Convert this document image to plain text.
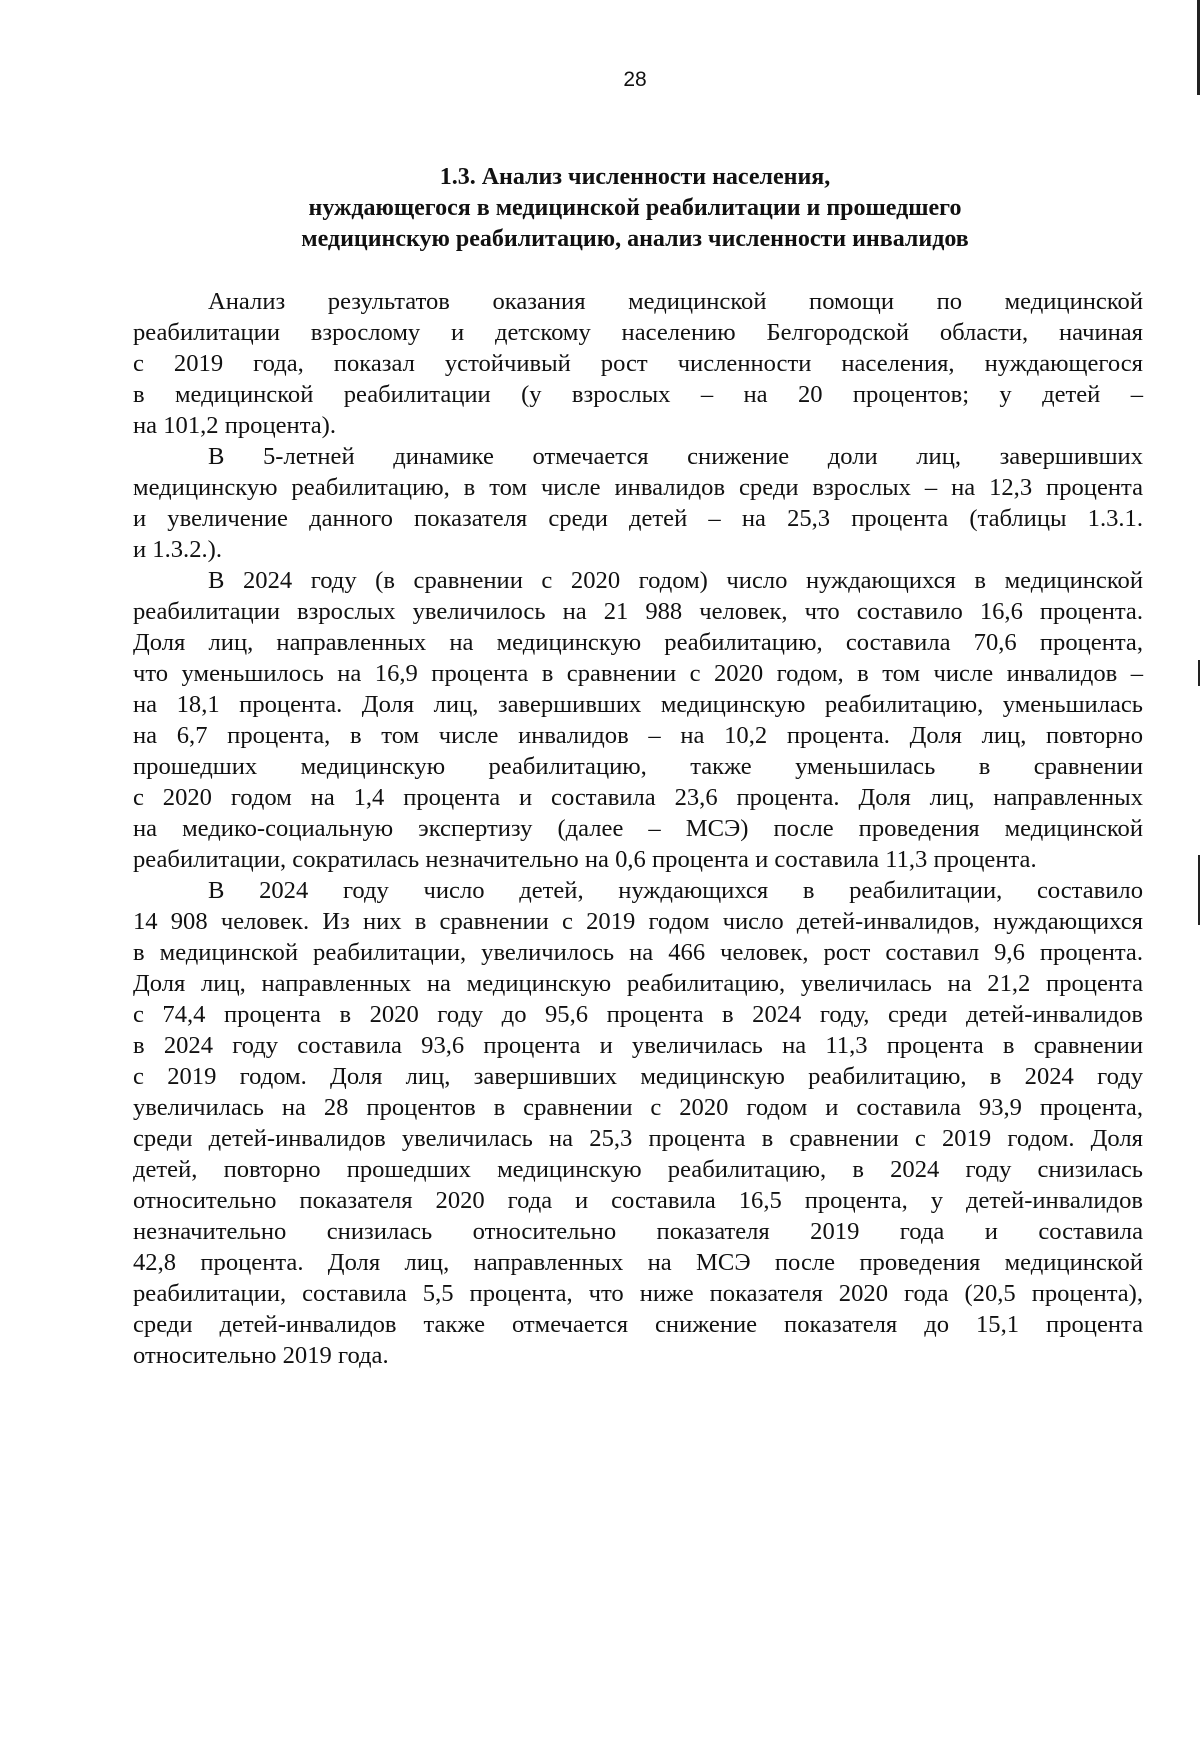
28
1.3. Анализ численности населения,
нуждающегося в медицинской реабилитации и прошедшего
медицинскую реабилитацию, анализ численности инвалидов
Анализ результатов оказания медицинской помощи по медицинской
реабилитации взрослому и детскому населению Белгородской области, начиная
с 2019 года, показал устойчивый рост численности населения, нуждающегося
в медицинской реабилитации (у взрослых – на 20 процентов; у детей –
на 101,2 процента).
В 5-летней динамике отмечается снижение доли лиц, завершивших
медицинскую реабилитацию, в том числе инвалидов среди взрослых – на 12,3 процента
и увеличение данного показателя среди детей – на 25,3 процента (таблицы 1.3.1.
и 1.3.2.).
В 2024 году (в сравнении с 2020 годом) число нуждающихся в медицинской
реабилитации взрослых увеличилось на 21 988 человек, что составило 16,6 процента.
Доля лиц, направленных на медицинскую реабилитацию, составила 70,6 процента,
что уменьшилось на 16,9 процента в сравнении с 2020 годом, в том числе инвалидов –
на 18,1 процента. Доля лиц, завершивших медицинскую реабилитацию, уменьшилась
на 6,7 процента, в том числе инвалидов – на 10,2 процента. Доля лиц, повторно
прошедших медицинскую реабилитацию, также уменьшилась в сравнении
с 2020 годом на 1,4 процента и составила 23,6 процента. Доля лиц, направленных
на медико-социальную экспертизу (далее – МСЭ) после проведения медицинской
реабилитации, сократилась незначительно на 0,6 процента и составила 11,3 процента.
В 2024 году число детей, нуждающихся в реабилитации, составило
14 908 человек. Из них в сравнении с 2019 годом число детей-инвалидов, нуждающихся
в медицинской реабилитации, увеличилось на 466 человек, рост составил 9,6 процента.
Доля лиц, направленных на медицинскую реабилитацию, увеличилась на 21,2 процента
с 74,4 процента в 2020 году до 95,6 процента в 2024 году, среди детей-инвалидов
в 2024 году составила 93,6 процента и увеличилась на 11,3 процента в сравнении
с 2019 годом. Доля лиц, завершивших медицинскую реабилитацию, в 2024 году
увеличилась на 28 процентов в сравнении с 2020 годом и составила 93,9 процента,
среди детей-инвалидов увеличилась на 25,3 процента в сравнении с 2019 годом. Доля
детей, повторно прошедших медицинскую реабилитацию, в 2024 году снизилась
относительно показателя 2020 года и составила 16,5 процента, у детей-инвалидов
незначительно снизилась относительно показателя 2019 года и составила
42,8 процента. Доля лиц, направленных на МСЭ после проведения медицинской
реабилитации, составила 5,5 процента, что ниже показателя 2020 года (20,5 процента),
среди детей-инвалидов также отмечается снижение показателя до 15,1 процента
относительно 2019 года.
